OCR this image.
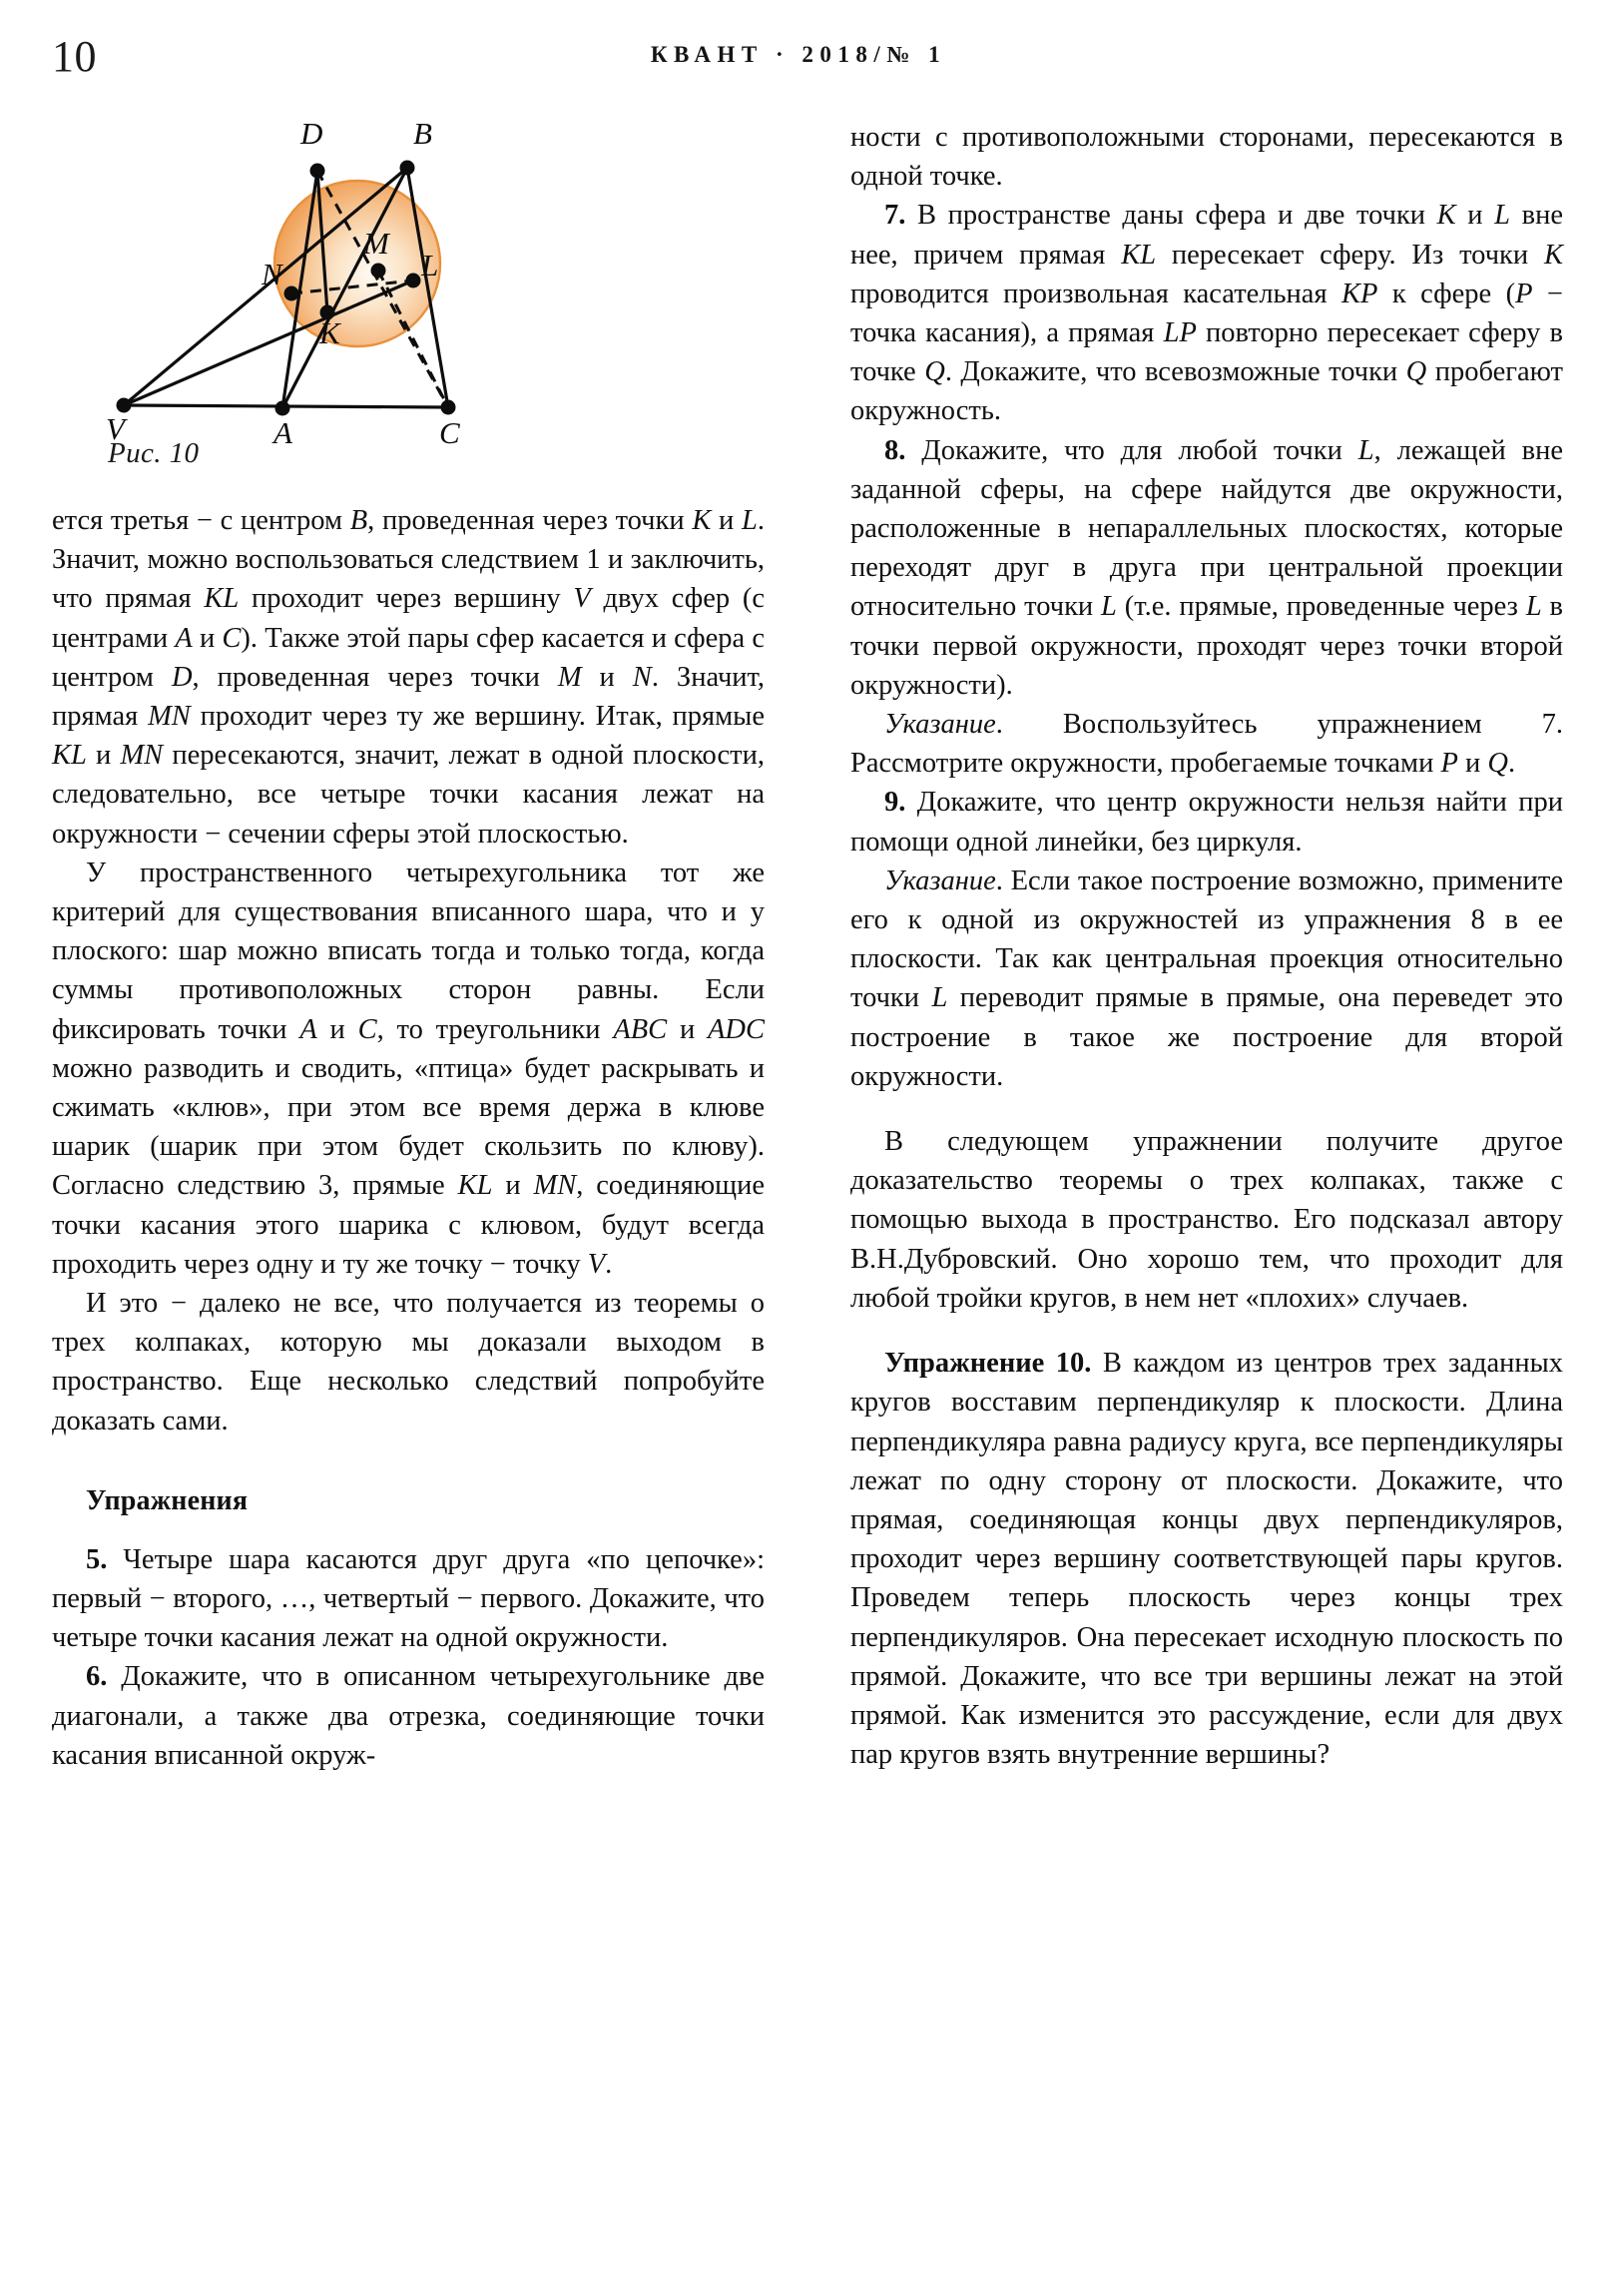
10	КВАНТ · 2018/№ 1
D	B
M
L
N
K
V	A	C
Рис. 10

ется третья − с центром B, проведенная через точки K и L. Значит, можно воспользоваться следствием 1 и заключить, что прямая KL проходит через вершину V двух сфер (с центрами A и C). Также этой пары сфер касается и сфера с центром D, проведенная через точки M и N. Значит, прямая MN проходит через ту же вершину. Итак, прямые KL и MN пересекаются, значит, лежат в одной плоскости, следовательно, все четыре точки касания лежат на окружности − сечении сферы этой плоскостью.

У пространственного четырехугольника тот же критерий для существования вписанного шара, что и у плоского: шар можно вписать тогда и только тогда, когда суммы противоположных сторон равны. Если фиксировать точки A и C, то треугольники ABC и ADC можно разводить и сводить, «птица» будет раскрывать и сжимать «клюв», при этом все время держа в клюве шарик (шарик при этом будет скользить по клюву). Согласно следствию 3, прямые KL и MN, соединяющие точки касания этого шарика с клювом, будут всегда проходить через одну и ту же точку − точку V.

И это − далеко не все, что получается из теоремы о трех колпаках, которую мы доказали выходом в пространство. Еще несколько следствий попробуйте доказать сами.

Упражнения

5. Четыре шара касаются друг друга «по цепочке»: первый − второго, …, четвертый − первого. Докажите, что четыре точки касания лежат на одной окружности.

6. Докажите, что в описанном четырехугольнике две диагонали, а также два отрезка, соединяющие точки касания вписанной окруж-

ности с противоположными сторонами, пересекаются в одной точке.

7. В пространстве даны сфера и две точки K и L вне нее, причем прямая KL пересекает сферу. Из точки K проводится произвольная касательная KP к сфере (P − точка касания), а прямая LP повторно пересекает сферу в точке Q. Докажите, что всевозможные точки Q пробегают окружность.

8. Докажите, что для любой точки L, лежащей вне заданной сферы, на сфере найдутся две окружности, расположенные в непараллельных плоскостях, которые переходят друг в друга при центральной проекции относительно точки L (т.е. прямые, проведенные через L в точки первой окружности, проходят через точки второй окружности).

Указание. Воспользуйтесь упражнением 7. Рассмотрите окружности, пробегаемые точками P и Q.

9. Докажите, что центр окружности нельзя найти при помощи одной линейки, без циркуля.

Указание. Если такое построение возможно, примените его к одной из окружностей из упражнения 8 в ее плоскости. Так как центральная проекция относительно точки L переводит прямые в прямые, она переведет это построение в такое же построение для второй окружности.

В следующем упражнении получите другое доказательство теоремы о трех колпаках, также с помощью выхода в пространство. Его подсказал автору В.Н.Дубровский. Оно хорошо тем, что проходит для любой тройки кругов, в нем нет «плохих» случаев.

Упражнение 10. В каждом из центров трех заданных кругов восставим перпендикуляр к плоскости. Длина перпендикуляра равна радиусу круга, все перпендикуляры лежат по одну сторону от плоскости. Докажите, что прямая, соединяющая концы двух перпендикуляров, проходит через вершину соответствующей пары кругов. Проведем теперь плоскость через концы трех перпендикуляров. Она пересекает исходную плоскость по прямой. Докажите, что все три вершины лежат на этой прямой. Как изменится это рассуждение, если для двух пар кругов взять внутренние вершины?
